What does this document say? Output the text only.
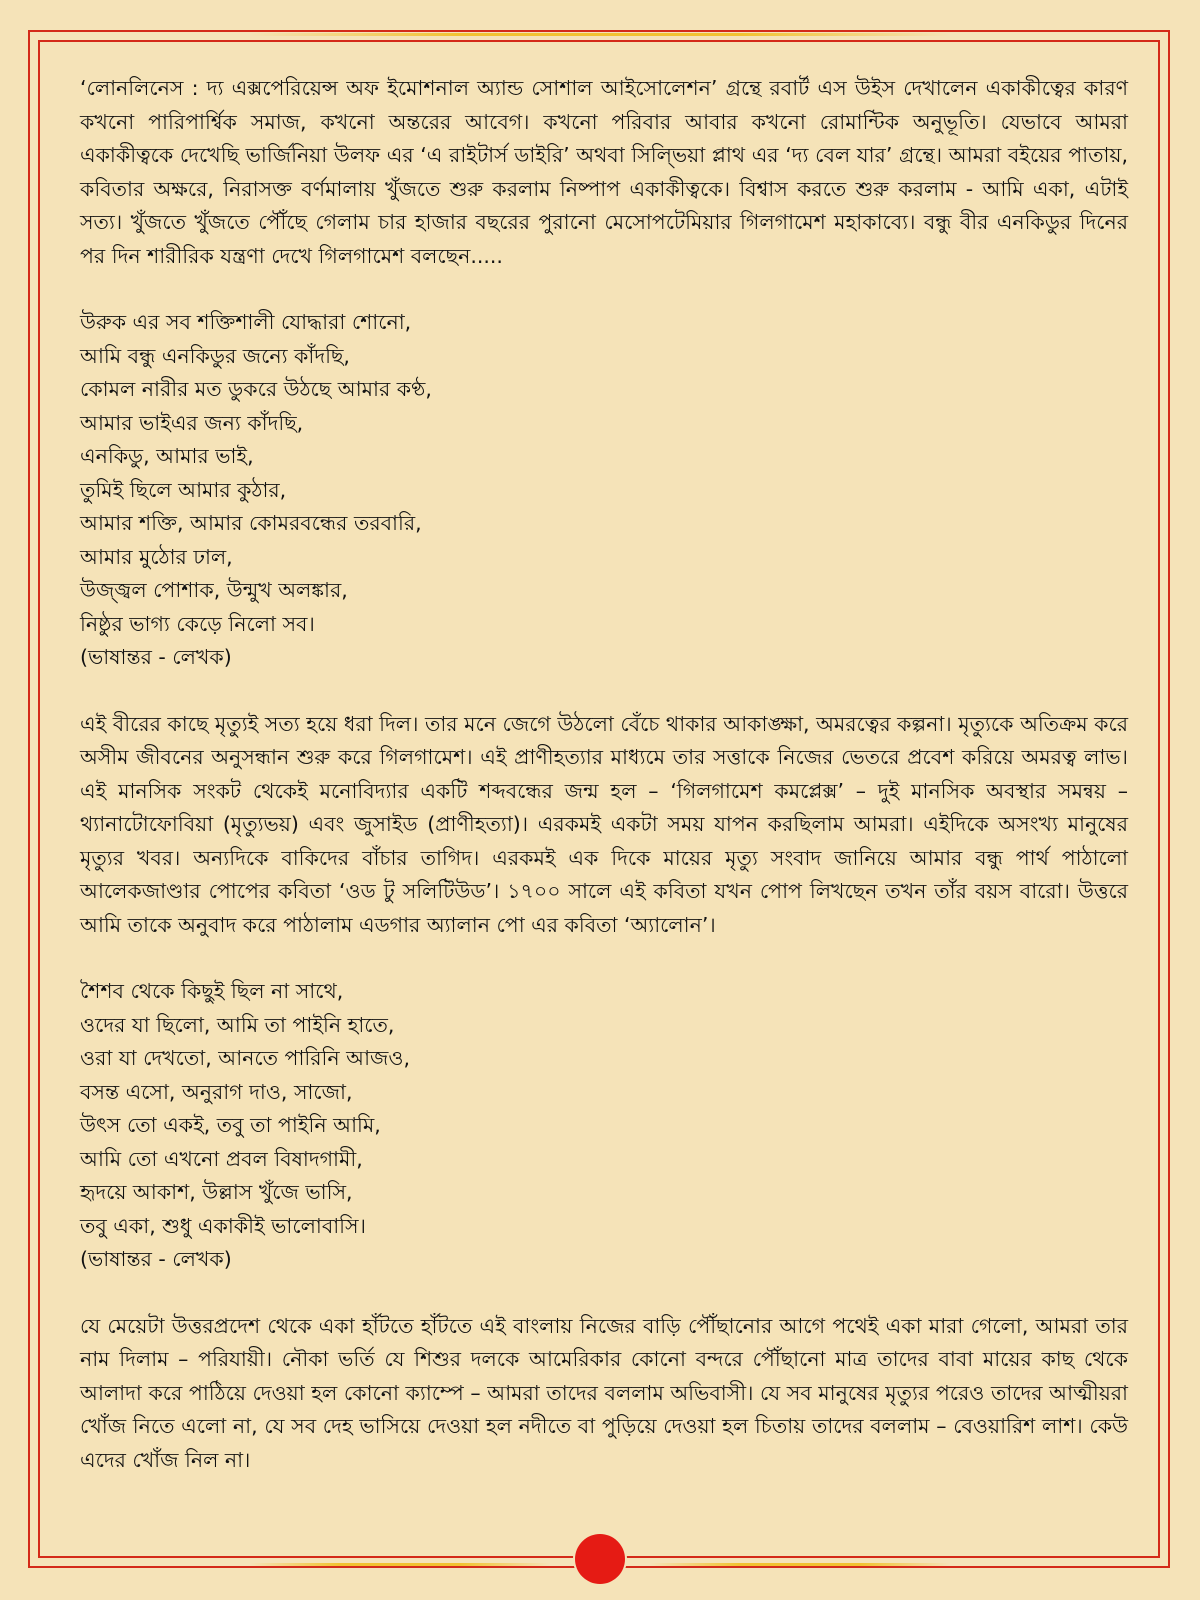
‘লোনলিনেস : দ্য এক্সপেরিয়েন্স অফ ইমোশনাল অ্যান্ড সোশাল আইসোলেশন’ গ্রন্থে রবার্ট এস উইস দেখালেন একাকীত্বের কারণ কখনো পারিপার্শ্বিক সমাজ, কখনো অন্তরের আবেগ। কখনো পরিবার আবার কখনো রোমান্টিক অনুভূতি। যেভাবে আমরা একাকীত্বকে দেখেছি ভার্জিনিয়া উলফ এর ‘এ রাইটার্স ডাইরি’ অথবা সিল্ভিয়া প্লাথ এর ‘দ্য বেল যার’ গ্রন্থে। আমরা বইয়ের পাতায়, কবিতার অক্ষরে, নিরাসক্ত বর্ণমালায় খুঁজতে শুরু করলাম নিষ্পাপ একাকীত্বকে। বিশ্বাস করতে শুরু করলাম - আমি একা, এটাই সত্য। খুঁজতে খুঁজতে পৌঁছে গেলাম চার হাজার বছরের পুরানো মেসোপটেমিয়ার গিলগামেশ মহাকাব্যে। বন্ধু বীর এনকিডুর দিনের পর দিন শারীরিক যন্ত্রণা দেখে গিলগামেশ বলছেন.....

উরুক এর সব শক্তিশালী যোদ্ধারা শোনো,
আমি বন্ধু এনকিডুর জন্যে কাঁদছি,
কোমল নারীর মত ডুকরে উঠছে আমার কণ্ঠ,
আমার ভাইএর জন্য কাঁদছি,
এনকিডু, আমার ভাই,
তুমিই ছিলে আমার কুঠার,
আমার শক্তি, আমার কোমরবন্ধের তরবারি,
আমার মুঠোর ঢাল,
উজ্জ্বল পোশাক, উন্মুখ অলঙ্কার,
নিষ্ঠুর ভাগ্য কেড়ে নিলো সব।
(ভাষান্তর - লেখক)

এই বীরের কাছে মৃত্যুই সত্য হয়ে ধরা দিল। তার মনে জেগে উঠলো বেঁচে থাকার আকাঙ্ক্ষা, অমরত্বের কল্পনা। মৃত্যুকে অতিক্রম করে অসীম জীবনের অনুসন্ধান শুরু করে গিলগামেশ। এই প্রাণীহত্যার মাধ্যমে তার সত্তাকে নিজের ভেতরে প্রবেশ করিয়ে অমরত্ব লাভ। এই মানসিক সংকট থেকেই মনোবিদ্যার একটি শব্দবন্ধের জন্ম হল – ‘গিলগামেশ কমপ্লেক্স’ – দুই মানসিক অবস্থার সমন্বয় – থ্যানাটোফোবিয়া (মৃত্যুভয়) এবং জুসাইড (প্রাণীহত্যা)। এরকমই একটা সময় যাপন করছিলাম আমরা। এইদিকে অসংখ্য মানুষের মৃত্যুর খবর। অন্যদিকে বাকিদের বাঁচার তাগিদ। এরকমই এক দিকে মায়ের মৃত্যু সংবাদ জানিয়ে আমার বন্ধু পার্থ পাঠালো আলেকজাণ্ডার পোপের কবিতা ‘ওড টু সলিটিউড’। ১৭০০ সালে এই কবিতা যখন পোপ লিখছেন তখন তাঁর বয়স বারো। উত্তরে আমি তাকে অনুবাদ করে পাঠালাম এডগার অ্যালান পো এর কবিতা ‘অ্যালোন’।

শৈশব থেকে কিছুই ছিল না সাথে,
ওদের যা ছিলো, আমি তা পাইনি হাতে,
ওরা যা দেখতো, আনতে পারিনি আজও,
বসন্ত এসো, অনুরাগ দাও, সাজো,
উৎস তো একই, তবু তা পাইনি আমি,
আমি তো এখনো প্রবল বিষাদগামী,
হৃদয়ে আকাশ, উল্লাস খুঁজে ভাসি,
তবু একা, শুধু একাকীই ভালোবাসি।
(ভাষান্তর - লেখক)

যে মেয়েটা উত্তরপ্রদেশ থেকে একা হাঁটতে হাঁটতে এই বাংলায় নিজের বাড়ি পৌঁছানোর আগে পথেই একা মারা গেলো, আমরা তার নাম দিলাম – পরিযায়ী। নৌকা ভর্তি যে শিশুর দলকে আমেরিকার কোনো বন্দরে পৌঁছানো মাত্র তাদের বাবা মায়ের কাছ থেকে আলাদা করে পাঠিয়ে দেওয়া হল কোনো ক্যাম্পে – আমরা তাদের বললাম অভিবাসী। যে সব মানুষের মৃত্যুর পরেও তাদের আত্মীয়রা খোঁজ নিতে এলো না, যে সব দেহ ভাসিয়ে দেওয়া হল নদীতে বা পুড়িয়ে দেওয়া হল চিতায় তাদের বললাম – বেওয়ারিশ লাশ। কেউ এদের খোঁজ নিল না।
